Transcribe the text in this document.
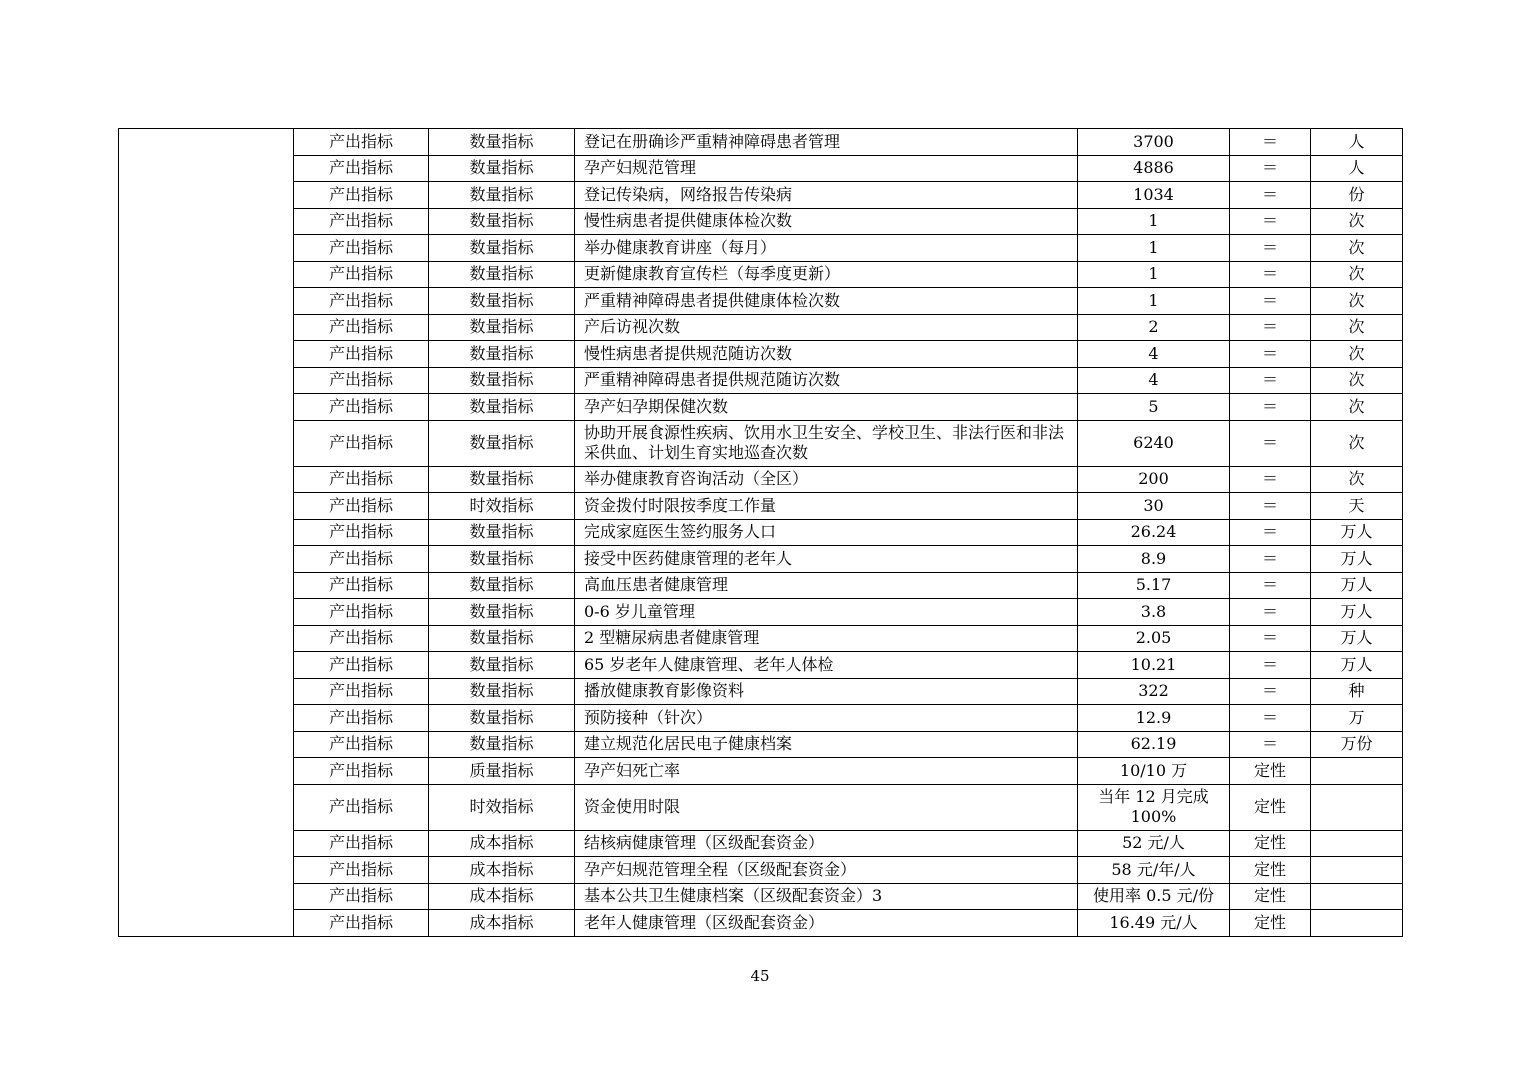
	产出指标	数量指标	登记在册确诊严重精神障碍患者管理	3700	＝	人
	产出指标	数量指标	孕产妇规范管理	4886	＝	人
	产出指标	数量指标	登记传染病，网络报告传染病	1034	＝	份
	产出指标	数量指标	慢性病患者提供健康体检次数	1	＝	次
	产出指标	数量指标	举办健康教育讲座（每月）	1	＝	次
	产出指标	数量指标	更新健康教育宣传栏（每季度更新）	1	＝	次
	产出指标	数量指标	严重精神障碍患者提供健康体检次数	1	＝	次
	产出指标	数量指标	产后访视次数	2	＝	次
	产出指标	数量指标	慢性病患者提供规范随访次数	4	＝	次
	产出指标	数量指标	严重精神障碍患者提供规范随访次数	4	＝	次
	产出指标	数量指标	孕产妇孕期保健次数	5	＝	次
	产出指标	数量指标	协助开展食源性疾病、饮用水卫生安全、学校卫生、非法行医和非法采供血、计划生育实地巡查次数	6240	＝	次
	产出指标	数量指标	举办健康教育咨询活动（全区）	200	＝	次
	产出指标	时效指标	资金拨付时限按季度工作量	30	＝	天
	产出指标	数量指标	完成家庭医生签约服务人口	26.24	＝	万人
	产出指标	数量指标	接受中医药健康管理的老年人	8.9	＝	万人
	产出指标	数量指标	高血压患者健康管理	5.17	＝	万人
	产出指标	数量指标	0-6 岁儿童管理	3.8	＝	万人
	产出指标	数量指标	2 型糖尿病患者健康管理	2.05	＝	万人
	产出指标	数量指标	65 岁老年人健康管理、老年人体检	10.21	＝	万人
	产出指标	数量指标	播放健康教育影像资料	322	＝	种
	产出指标	数量指标	预防接种（针次）	12.9	＝	万
	产出指标	数量指标	建立规范化居民电子健康档案	62.19	＝	万份
	产出指标	质量指标	孕产妇死亡率	10/10 万	定性	
	产出指标	时效指标	资金使用时限	当年 12 月完成 100%	定性	
	产出指标	成本指标	结核病健康管理（区级配套资金）	52 元/人	定性	
	产出指标	成本指标	孕产妇规范管理全程（区级配套资金）	58 元/年/人	定性	
	产出指标	成本指标	基本公共卫生健康档案（区级配套资金）3	使用率 0.5 元/份	定性	
	产出指标	成本指标	老年人健康管理（区级配套资金）	16.49 元/人	定性	
45
